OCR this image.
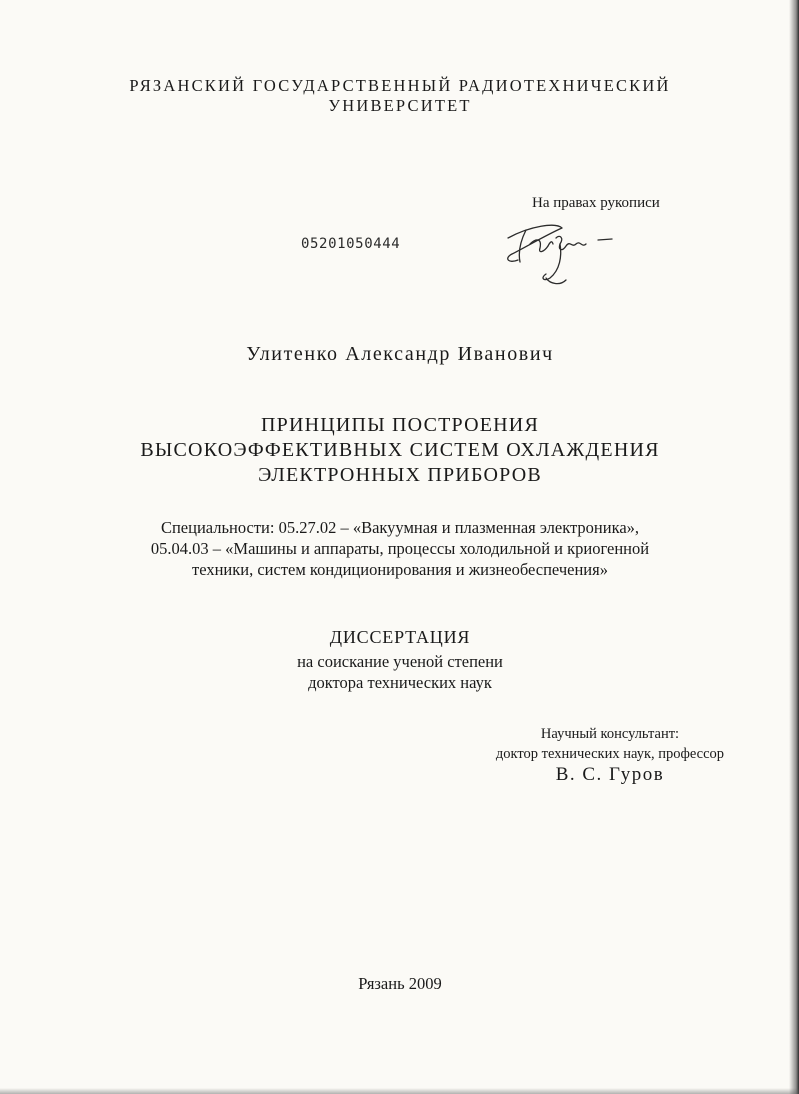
РЯЗАНСКИЙ ГОСУДАРСТВЕННЫЙ РАДИОТЕХНИЧЕСКИЙ
УНИВЕРСИТЕТ
На правах рукописи
05201050444
Улитенко Александр Иванович
ПРИНЦИПЫ ПОСТРОЕНИЯ
ВЫСОКОЭФФЕКТИВНЫХ СИСТЕМ ОХЛАЖДЕНИЯ
ЭЛЕКТРОННЫХ ПРИБОРОВ
Специальности: 05.27.02 – «Вакуумная и плазменная электроника»,
05.04.03 – «Машины и аппараты, процессы холодильной и криогенной
техники, систем кондиционирования и жизнеобеспечения»
ДИССЕРТАЦИЯ
на соискание ученой степени
доктора технических наук
Научный консультант:
доктор технических наук, профессор
В. С. Гуров
Рязань 2009
